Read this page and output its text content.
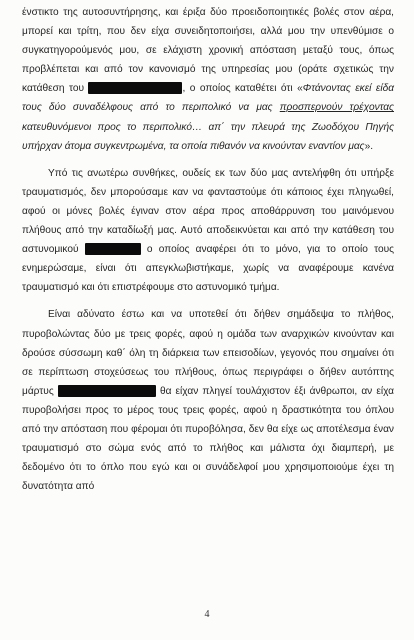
ένστικτο της αυτοσυντήρησης, και έριξα δύο προειδοποιητικές βολές στον αέρα, μπορεί και τρίτη, που δεν είχα συνειδητοποιήσει, αλλά μου την υπενθύμισε ο συγκατηγορούμενός μου, σε ελάχιστη χρονική απόσταση μεταξύ τους, όπως προβλέπεται και από τον κανονισμό της υπηρεσίας μου (οράτε σχετικώς την κατάθεση του	, ο οποίος καταθέτει ότι «Φτάνοντας εκεί είδα τους δύο συναδέλφους από το περιπολικό να μας προσπερνούν τρέχοντας κατευθυνόμενοι προς το περιπολικό… απ΄ την πλευρά της Ζωοδόχου Πηγής υπήρχαν άτομα συγκεντρωμένα, τα οποία πιθανόν να κινούνταν εναντίον μας».

Υπό τις ανωτέρω συνθήκες, ουδείς εκ των δύο μας αντελήφθη ότι υπήρξε τραυματισμός, δεν μπορούσαμε καν να φανταστούμε ότι κάποιος έχει πληγωθεί, αφού οι μόνες βολές έγιναν στον αέρα προς αποθάρρυνση του μαινόμενου πλήθους από την καταδίωξή μας. Αυτό αποδεικνύεται και από την κατάθεση του αστυνομικού	ο οποίος αναφέρει ότι το μόνο, για το οποίο τους ενημερώσαμε, είναι ότι απεγκλωβιστήκαμε, χωρίς να αναφέρουμε κανένα τραυματισμό και ότι επιστρέφουμε στο αστυνομικό τμήμα.

Είναι αδύνατο έστω και να υποτεθεί ότι δήθεν σημάδεψα το πλήθος, πυροβολώντας δύο με τρεις φορές, αφού η ομάδα των αναρχικών κινούνταν και δρούσε σύσσωμη καθ΄ όλη τη διάρκεια των επεισοδίων, γεγονός που σημαίνει ότι σε περίπτωση στοχεύσεως του πλήθους, όπως περιγράφει ο δήθεν αυτόπτης μάρτυς	θα είχαν πληγεί τουλάχιστον έξι άνθρωποι, αν είχα πυροβολήσει προς το μέρος τους τρεις φορές, αφού η δραστικότητα του όπλου από την απόσταση που φέρομαι ότι πυροβόλησα, δεν θα είχε ως αποτέλεσμα έναν τραυματισμό στο σώμα ενός από το πλήθος και μάλιστα όχι διαμπερή, με δεδομένο ότι το όπλο που εγώ και οι συνάδελφοί μου χρησιμοποιούμε έχει τη δυνατότητα από

4
